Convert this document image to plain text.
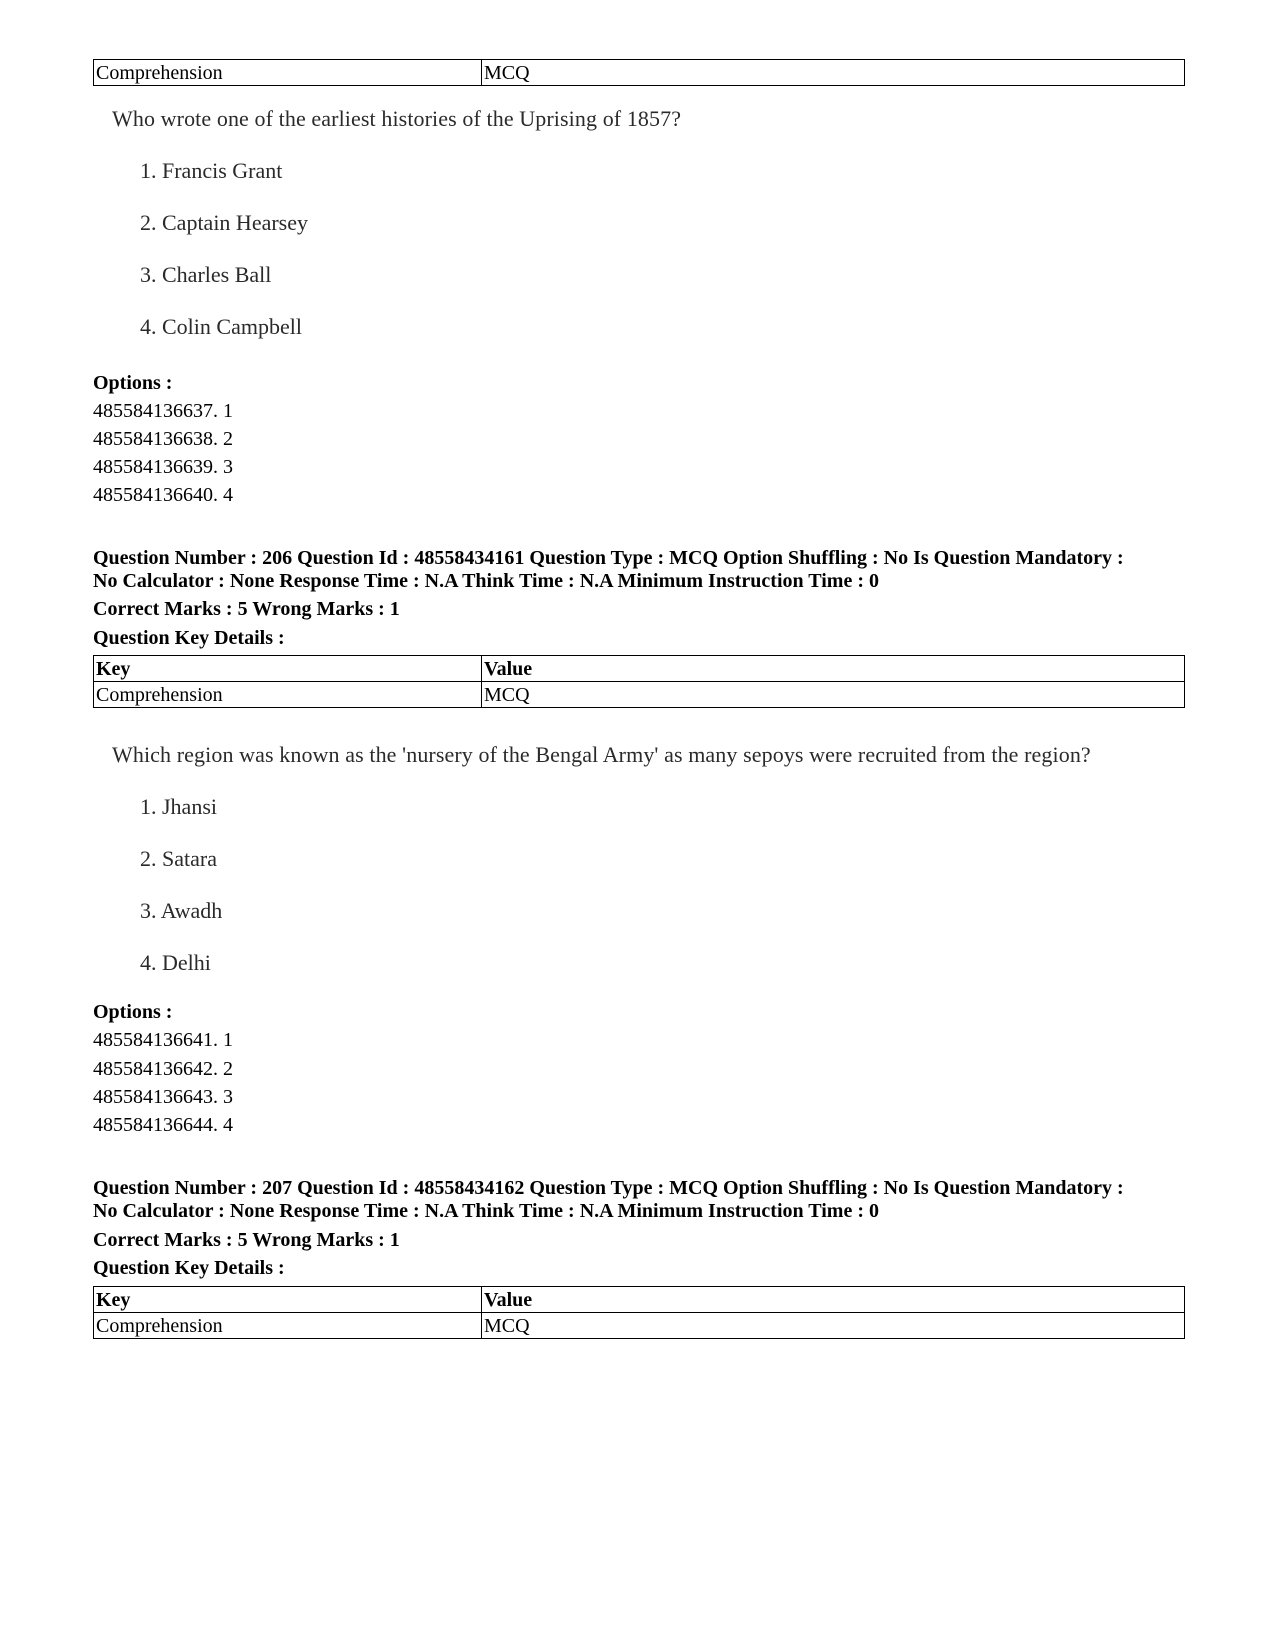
Comprehension	MCQ
Who wrote one of the earliest histories of the Uprising of 1857?
1. Francis Grant
2. Captain Hearsey
3. Charles Ball
4. Colin Campbell
Options :
485584136637. 1
485584136638. 2
485584136639. 3
485584136640. 4
Question Number : 206 Question Id : 48558434161 Question Type : MCQ Option Shuffling : No Is Question Mandatory :
No Calculator : None Response Time : N.A Think Time : N.A Minimum Instruction Time : 0
Correct Marks : 5 Wrong Marks : 1
Question Key Details :
Key	Value
Comprehension	MCQ
Which region was known as the 'nursery of the Bengal Army' as many sepoys were recruited from the region?
1. Jhansi
2. Satara
3. Awadh
4. Delhi
Options :
485584136641. 1
485584136642. 2
485584136643. 3
485584136644. 4
Question Number : 207 Question Id : 48558434162 Question Type : MCQ Option Shuffling : No Is Question Mandatory :
No Calculator : None Response Time : N.A Think Time : N.A Minimum Instruction Time : 0
Correct Marks : 5 Wrong Marks : 1
Question Key Details :
Key	Value
Comprehension	MCQ
